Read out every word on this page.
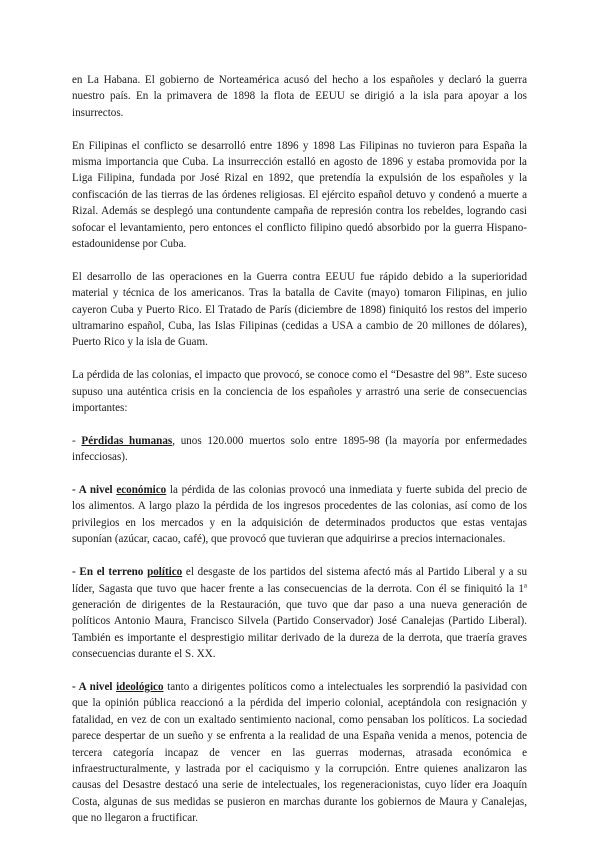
en La Habana. El gobierno de Norteamérica acusó del hecho a los españoles y declaró la guerra nuestro país. En la primavera de 1898 la flota de EEUU se dirigió a la isla para apoyar a los insurrectos.

En Filipinas el conflicto se desarrolló entre 1896 y 1898 Las Filipinas no tuvieron para España la misma importancia que Cuba. La insurrección estalló en agosto de 1896 y estaba promovida por la Liga Filipina, fundada por José Rizal en 1892, que pretendía la expulsión de los españoles y la confiscación de las tierras de las órdenes religiosas. El ejército español detuvo y condenó a muerte a Rizal. Además se desplegó una contundente campaña de represión contra los rebeldes, logrando casi sofocar el levantamiento, pero entonces el conflicto filipino quedó absorbido por la guerra Hispano-estadounidense por Cuba.

El desarrollo de las operaciones en la Guerra contra EEUU fue rápido debido a la superioridad material y técnica de los americanos. Tras la batalla de Cavite (mayo) tomaron Filipinas, en julio cayeron Cuba y Puerto Rico. El Tratado de París (diciembre de 1898) finiquitó los restos del imperio ultramarino español, Cuba, las Islas Filipinas (cedidas a USA a cambio de 20 millones de dólares), Puerto Rico y la isla de Guam.

La pérdida de las colonias, el impacto que provocó, se conoce como el “Desastre del 98”. Este suceso supuso una auténtica crisis en la conciencia de los españoles y arrastró una serie de consecuencias importantes:

- Pérdidas humanas, unos 120.000 muertos solo entre 1895-98 (la mayoría por enfermedades infecciosas).

- A nivel económico la pérdida de las colonias provocó una inmediata y fuerte subida del precio de los alimentos. A largo plazo la pérdida de los ingresos procedentes de las colonias, así como de los privilegios en los mercados y en la adquisición de determinados productos que estas ventajas suponían (azúcar, cacao, café), que provocó que tuvieran que adquirirse a precios internacionales.

- En el terreno político el desgaste de los partidos del sistema afectó más al Partido Liberal y a su líder, Sagasta que tuvo que hacer frente a las consecuencias de la derrota. Con él se finiquitó la 1$^a$ generación de dirigentes de la Restauración, que tuvo que dar paso a una nueva generación de políticos Antonio Maura, Francisco Silvela (Partido Conservador) José Canalejas (Partido Liberal). También es importante el desprestigio militar derivado de la dureza de la derrota, que traería graves consecuencias durante el S. XX.

- A nivel ideológico tanto a dirigentes políticos como a intelectuales les sorprendió la pasividad con que la opinión pública reaccionó a la pérdida del imperio colonial, aceptándola con resignación y fatalidad, en vez de con un exaltado sentimiento nacional, como pensaban los políticos. La sociedad parece despertar de un sueño y se enfrenta a la realidad de una España venida a menos, potencia de tercera categoría incapaz de vencer en las guerras modernas, atrasada económica e infraestructuralmente, y lastrada por el caciquismo y la corrupción. Entre quienes analizaron las causas del Desastre destacó una serie de intelectuales, los regeneracionistas, cuyo líder era Joaquín Costa, algunas de sus medidas se pusieron en marchas durante los gobiernos de Maura y Canalejas, que no llegaron a fructificar.
